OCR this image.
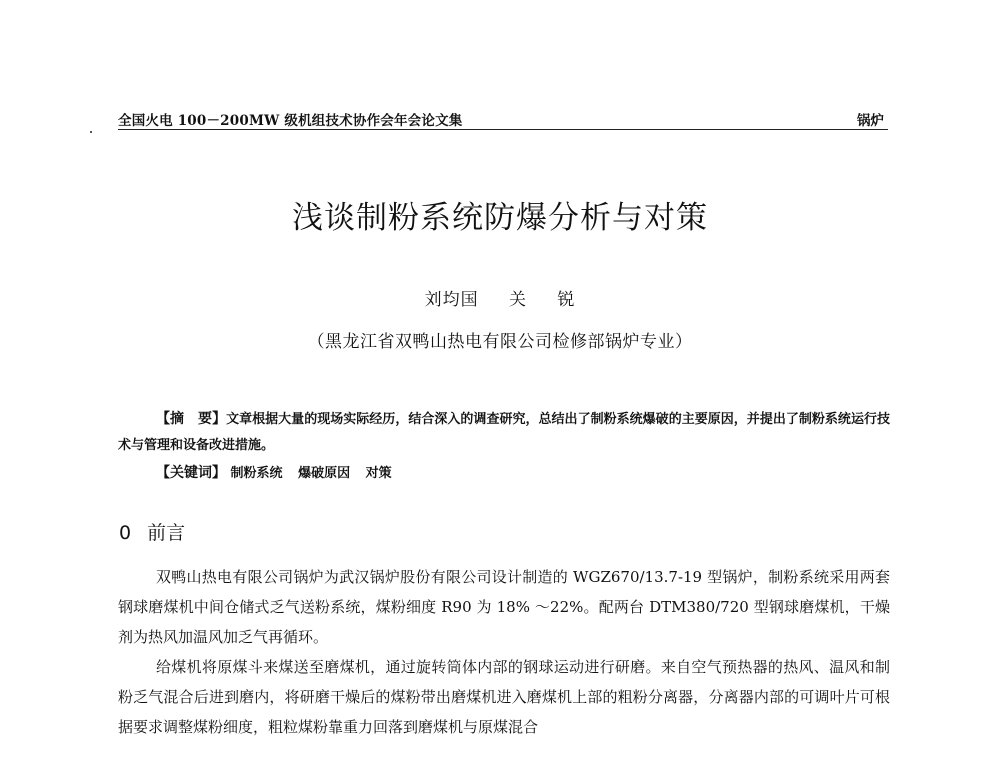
全国火电 100－200MW 级机组技术协作会年会论文集	锅炉
浅谈制粉系统防爆分析与对策
刘均国 关 锐
（黑龙江省双鸭山热电有限公司检修部锅炉专业）
【摘　要】文章根据大量的现场实际经历，结合深入的调查研究，总结出了制粉系统爆破的主要原因，并提出了制粉系统运行技术与管理和设备改进措施。
【关键词】 制粉系统 爆破原因 对策
0 前言

双鸭山热电有限公司锅炉为武汉锅炉股份有限公司设计制造的 WGZ670/13.7-19 型锅炉，制粉系统采用两套钢球磨煤机中间仓储式乏气送粉系统，煤粉细度 R90 为 18% ～22%。配两台 DTM380/720 型钢球磨煤机，干燥剂为热风加温风加乏气再循环。

给煤机将原煤斗来煤送至磨煤机，通过旋转筒体内部的钢球运动进行研磨。来自空气预热器的热风、温风和制粉乏气混合后进到磨内，将研磨干燥后的煤粉带出磨煤机进入磨煤机上部的粗粉分离器，分离器内部的可调叶片可根据要求调整煤粉细度，粗粒煤粉靠重力回落到磨煤机与原煤混合
